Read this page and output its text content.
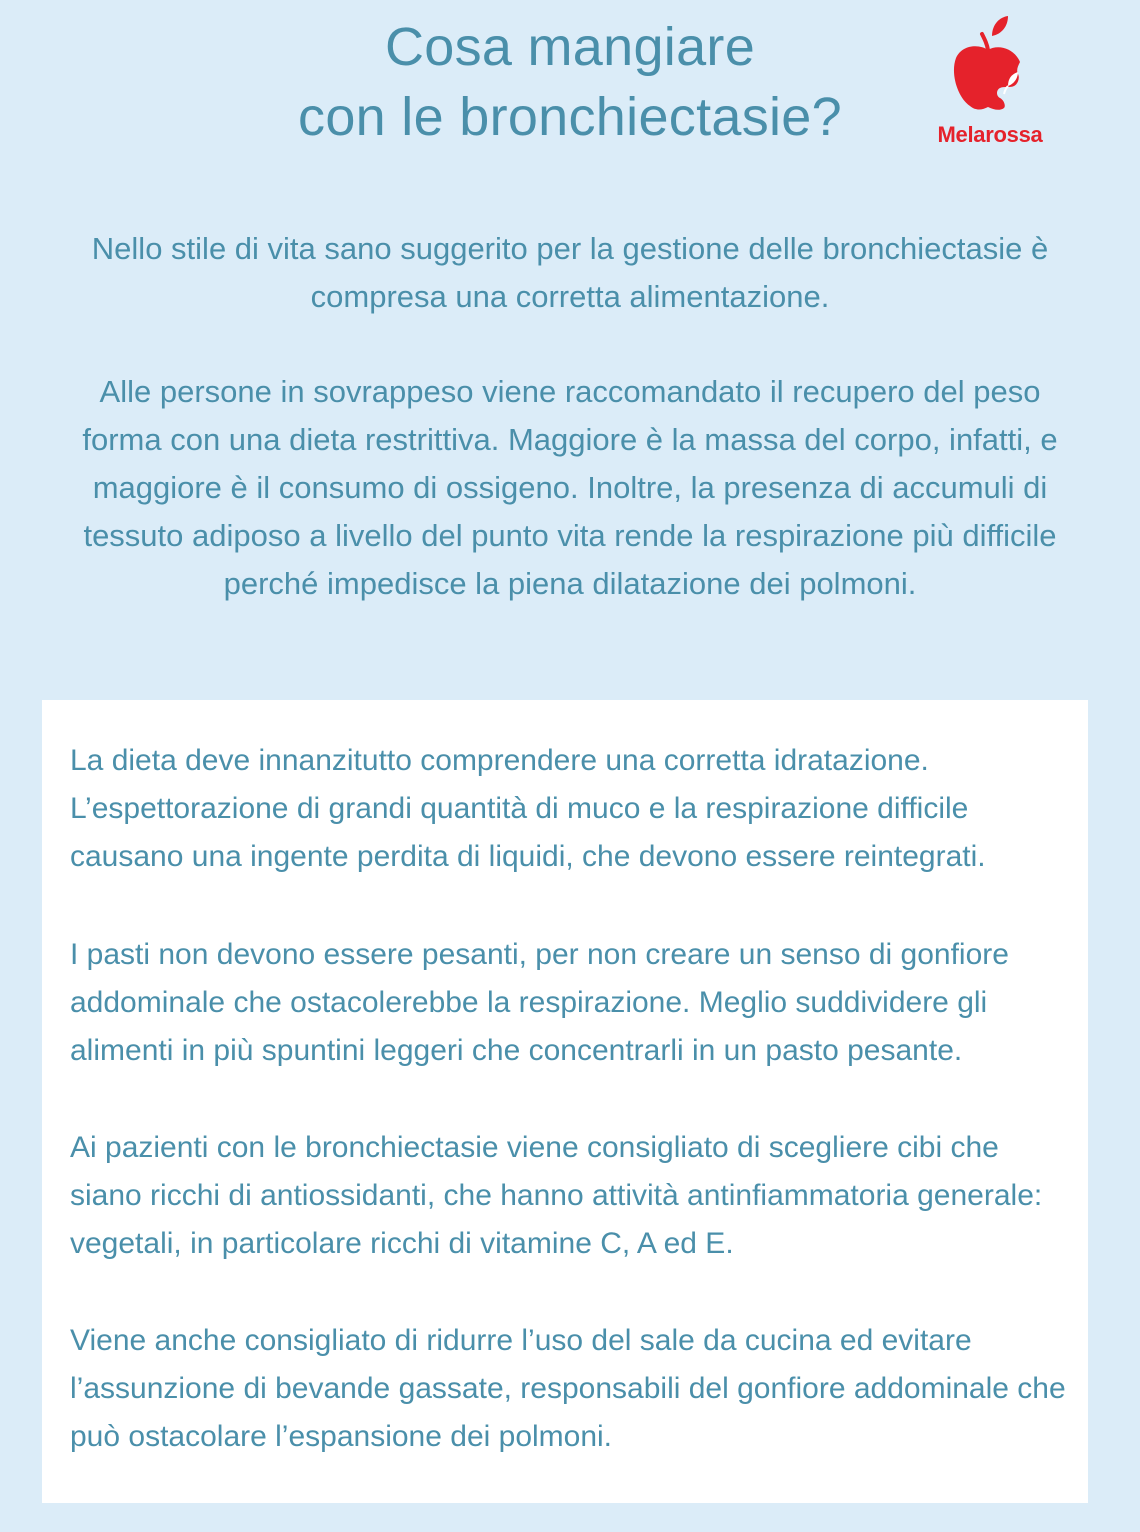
Cosa mangiare
con le bronchiectasie?	Melarossa

Nello stile di vita sano suggerito per la gestione delle bronchiectasie è compresa una corretta alimentazione.

Alle persone in sovrappeso viene raccomandato il recupero del peso forma con una dieta restrittiva. Maggiore è la massa del corpo, infatti, e maggiore è il consumo di ossigeno. Inoltre, la presenza di accumuli di tessuto adiposo a livello del punto vita rende la respirazione più difficile perché impedisce la piena dilatazione dei polmoni.

La dieta deve innanzitutto comprendere una corretta idratazione. L’espettorazione di grandi quantità di muco e la respirazione difficile causano una ingente perdita di liquidi, che devono essere reintegrati.

I pasti non devono essere pesanti, per non creare un senso di gonfiore addominale che ostacolerebbe la respirazione. Meglio suddividere gli alimenti in più spuntini leggeri che concentrarli in un pasto pesante.

Ai pazienti con le bronchiectasie viene consigliato di scegliere cibi che siano ricchi di antiossidanti, che hanno attività antinfiammatoria generale: vegetali, in particolare ricchi di vitamine C, A ed E.

Viene anche consigliato di ridurre l’uso del sale da cucina ed evitare l’assunzione di bevande gassate, responsabili del gonfiore addominale che può ostacolare l’espansione dei polmoni.
